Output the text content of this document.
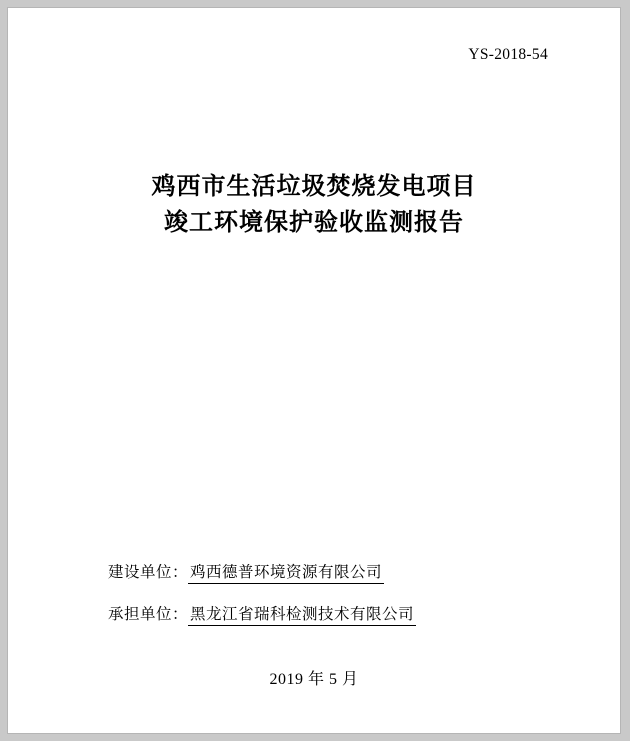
YS-2018-54
鸡西市生活垃圾焚烧发电项目
竣工环境保护验收监测报告
建设单位： 鸡西德普环境资源有限公司
承担单位： 黑龙江省瑞科检测技术有限公司
2019 年 5 月
